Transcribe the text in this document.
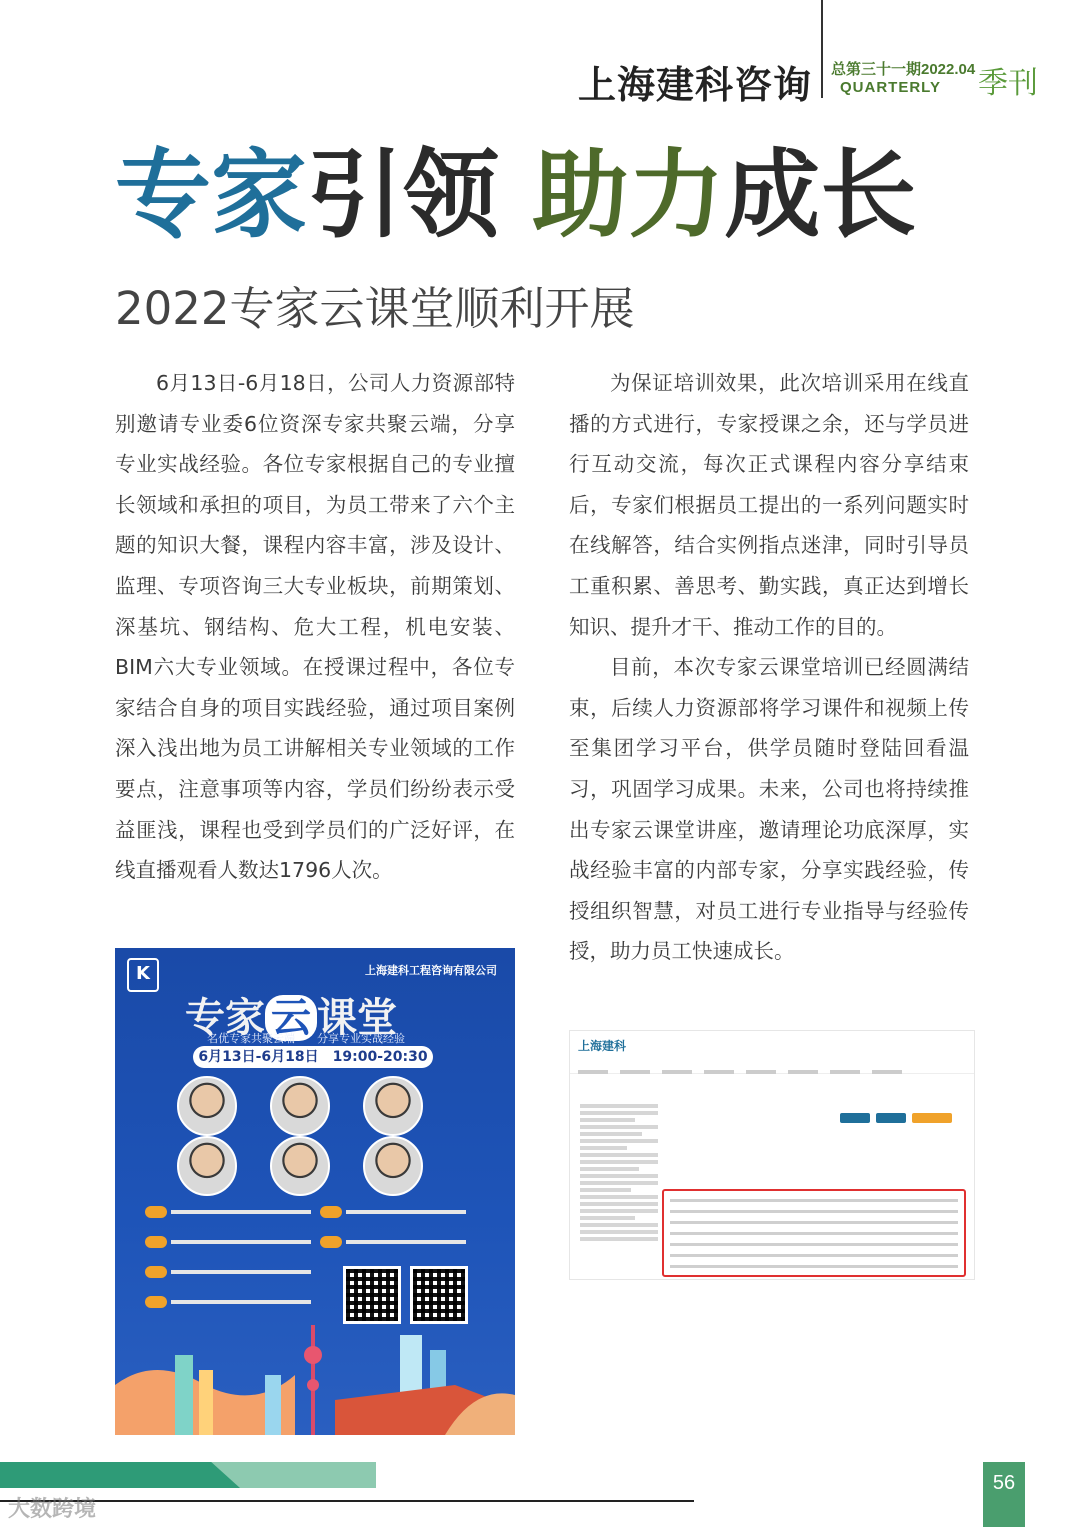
上海建科咨询 总第三十一期2022.04
QUARTERLY 季刊
专家引领 助力成长
2022专家云课堂顺利开展

6月13日-6月18日，公司人力资源部特别邀请专业委6位资深专家共聚云端，分享专业实战经验。各位专家根据自己的专业擅长领域和承担的项目，为员工带来了六个主题的知识大餐，课程内容丰富，涉及设计、监理、专项咨询三大专业板块，前期策划、深基坑、钢结构、危大工程，机电安装、BIM六大专业领域。在授课过程中，各位专家结合自身的项目实践经验，通过项目案例深入浅出地为员工讲解相关专业领域的工作要点，注意事项等内容，学员们纷纷表示受益匪浅，课程也受到学员们的广泛好评，在线直播观看人数达1796人次。

为保证培训效果，此次培训采用在线直播的方式进行，专家授课之余，还与学员进行互动交流，每次正式课程内容分享结束后，专家们根据员工提出的一系列问题实时在线解答，结合实例指点迷津，同时引导员工重积累、善思考、勤实践，真正达到增长知识、提升才干、推动工作的目的。

目前，本次专家云课堂培训已经圆满结束，后续人力资源部将学习课件和视频上传至集团学习平台，供学员随时登陆回看温习，巩固学习成果。未来，公司也将持续推出专家云课堂讲座，邀请理论功底深厚，实战经验丰富的内部专家，分享实践经验，传授组织智慧，对员工进行专业指导与经验传授，助力员工快速成长。

K	上海建科工程咨询有限公司
专家 云 课堂
名优专家共聚云端　　分享专业实战经验
6月13日-6月18日　19:00-20:30
上海建科
56
大数跨境
